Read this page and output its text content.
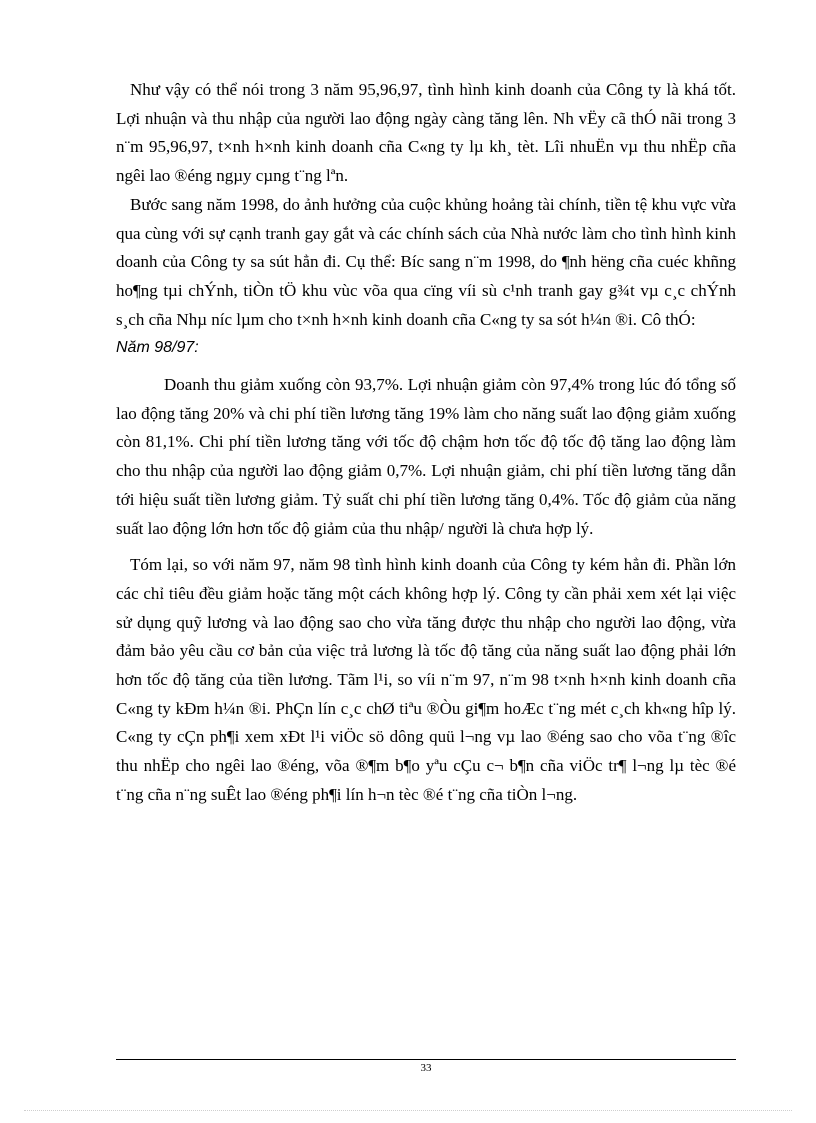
Như vậy có thể nói trong 3 năm 95,96,97, tình hình kinh doanh của Công ty là khá tốt. Lợi nhuận và thu nhập của người lao động ngày càng tăng lên. Nh vËy cã thÓ nãi trong 3 n¨m 95,96,97, t×nh h×nh kinh doanh cña C«ng ty lµ kh¸ tèt. Lîi nhuËn vµ thu nhËp cña ngêi lao ®éng ngµy cµng t¨ng lªn.

Bước sang năm 1998, do ảnh hưởng của cuộc khủng hoảng tài chính, tiền tệ khu vực vừa qua cùng với sự cạnh tranh gay gắt và các chính sách của Nhà nước làm cho tình hình kinh doanh của Công ty sa sút hẳn đi. Cụ thể: Bíc sang n¨m 1998, do ¶nh hëng cña cuéc khñng ho¶ng tµi chÝnh, tiÒn tÖ khu vùc võa qua cïng víi sù c¹nh tranh gay g¾t vµ c¸c chÝnh s¸ch cña Nhµ níc lµm cho t×nh h×nh kinh doanh cña C«ng ty sa sót h¼n ®i. Cô thÓ:

Năm 98/97:

Doanh thu giảm xuống còn 93,7%. Lợi nhuận giảm còn 97,4% trong lúc đó tổng số lao động tăng 20% và chi phí tiền lương tăng 19% làm cho năng suất lao động giảm xuống còn 81,1%. Chi phí tiền lương tăng với tốc độ chậm hơn tốc độ tốc độ tăng lao động làm cho thu nhập của người lao động giảm 0,7%. Lợi nhuận giảm, chi phí tiền lương tăng dẫn tới hiệu suất tiền lương giảm. Tỷ suất chi phí tiền lương tăng 0,4%. Tốc độ giảm của năng suất lao động lớn hơn tốc độ giảm của thu nhập/ người là chưa hợp lý.

Tóm lại, so với năm 97, năm 98 tình hình kinh doanh của Công ty kém hẳn đi. Phần lớn các chỉ tiêu đều giảm hoặc tăng một cách không hợp lý. Công ty cần phải xem xét lại việc sử dụng quỹ lương và lao động sao cho vừa tăng được thu nhập cho người lao động, vừa đảm bảo yêu cầu cơ bản của việc trả lương là tốc độ tăng của năng suất lao động phải lớn hơn tốc độ tăng của tiền lương. Tãm l¹i, so víi n¨m 97, n¨m 98 t×nh h×nh kinh doanh cña C«ng ty kÐm h¼n ®i. PhÇn lín c¸c chØ tiªu ®Òu gi¶m hoÆc t¨ng mét c¸ch kh«ng hîp lý. C«ng ty cÇn ph¶i xem xÐt l¹i viÖc sö dông quü l¬ng vµ lao ®éng sao cho võa t¨ng ®îc thu nhËp cho ngêi lao ®éng, võa ®¶m b¶o yªu cÇu c¬ b¶n cña viÖc tr¶ l¬ng lµ tèc ®é t¨ng cña n¨ng suÊt lao ®éng ph¶i lín h¬n tèc ®é t¨ng cña tiÒn l¬ng.

33
